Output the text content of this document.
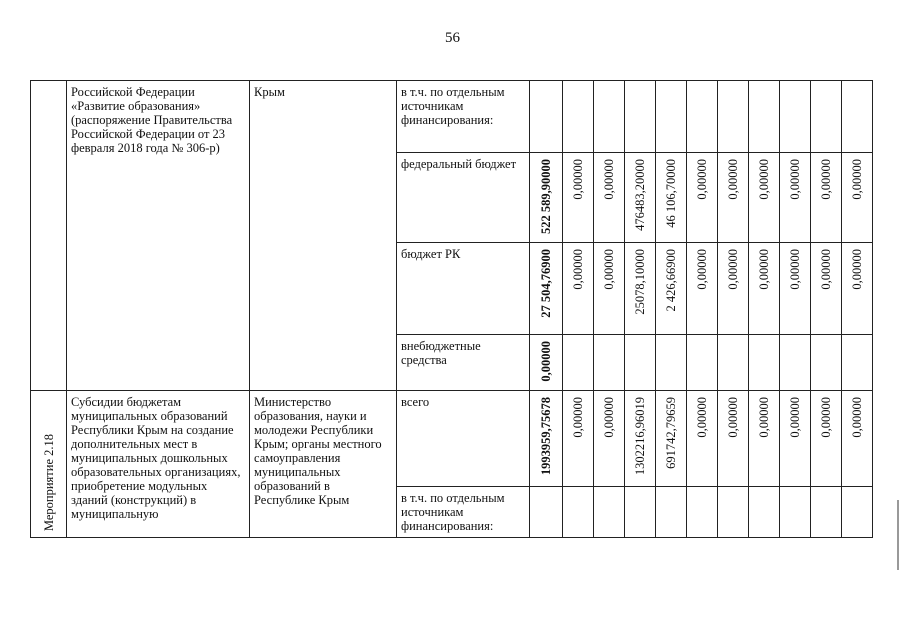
56

	Российской Федерации «Развитие образования» (распоряжение Правительства Российской Федерации от 23 февраля 2018 года № 306-р)	Крым	в т.ч. по отдельным источникам финансирования:											

			федеральный бюджет	522 589,90000	0,00000	0,00000	476483,20000	46 106,70000	0,00000	0,00000	0,00000	0,00000	0,00000	0,00000

			бюджет РК	27 504,76900	0,00000	0,00000	25078,10000	2 426,66900	0,00000	0,00000	0,00000	0,00000	0,00000	0,00000

			внебюджетные средства	0,00000										

Мероприятие 2.18	Субсидии бюджетам муниципальных образований Республики Крым на создание дополнительных мест в муниципальных дошкольных образовательных организациях, приобретение модульных зданий (конструкций) в муниципальную	Министерство образования, науки и молодежи Республики Крым; органы местного самоуправления муниципальных образований в Республике Крым	всего	1993959,75678	0,00000	0,00000	1302216,96019	691742,79659	0,00000	0,00000	0,00000	0,00000	0,00000	0,00000

			в т.ч. по отдельным источникам финансирования:											
